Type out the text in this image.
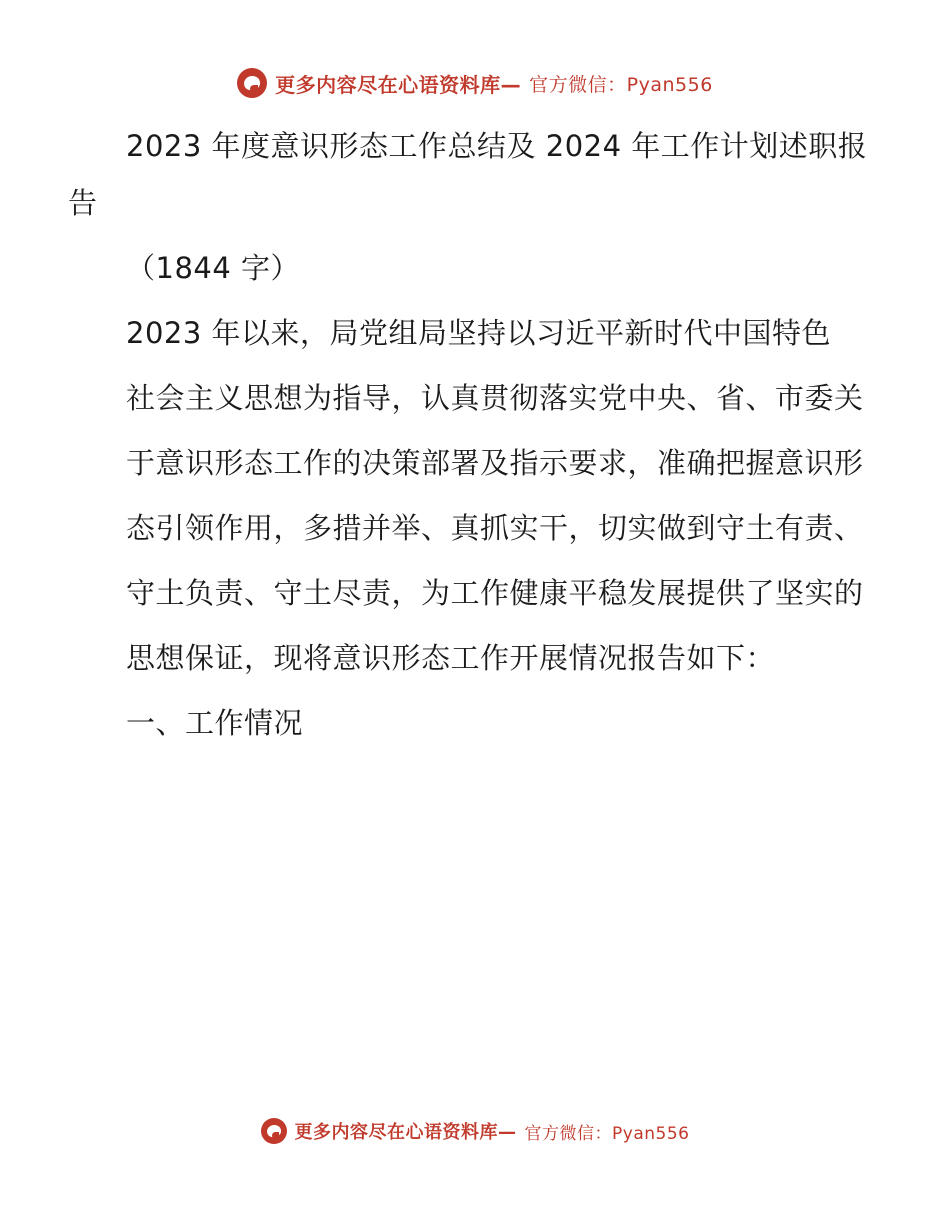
更多内容尽在心语资料库— 官方微信：Pyan556

2023 年度意识形态工作总结及 2024 年工作计划述职报告

（1844 字）

2023 年以来，局党组局坚持以习近平新时代中国特色

社会主义思想为指导，认真贯彻落实党中央、省、市委关

于意识形态工作的决策部署及指示要求，准确把握意识形

态引领作用，多措并举、真抓实干，切实做到守土有责、

守土负责、守土尽责，为工作健康平稳发展提供了坚实的

思想保证，现将意识形态工作开展情况报告如下：

一、工作情况

更多内容尽在心语资料库— 官方微信：Pyan556
